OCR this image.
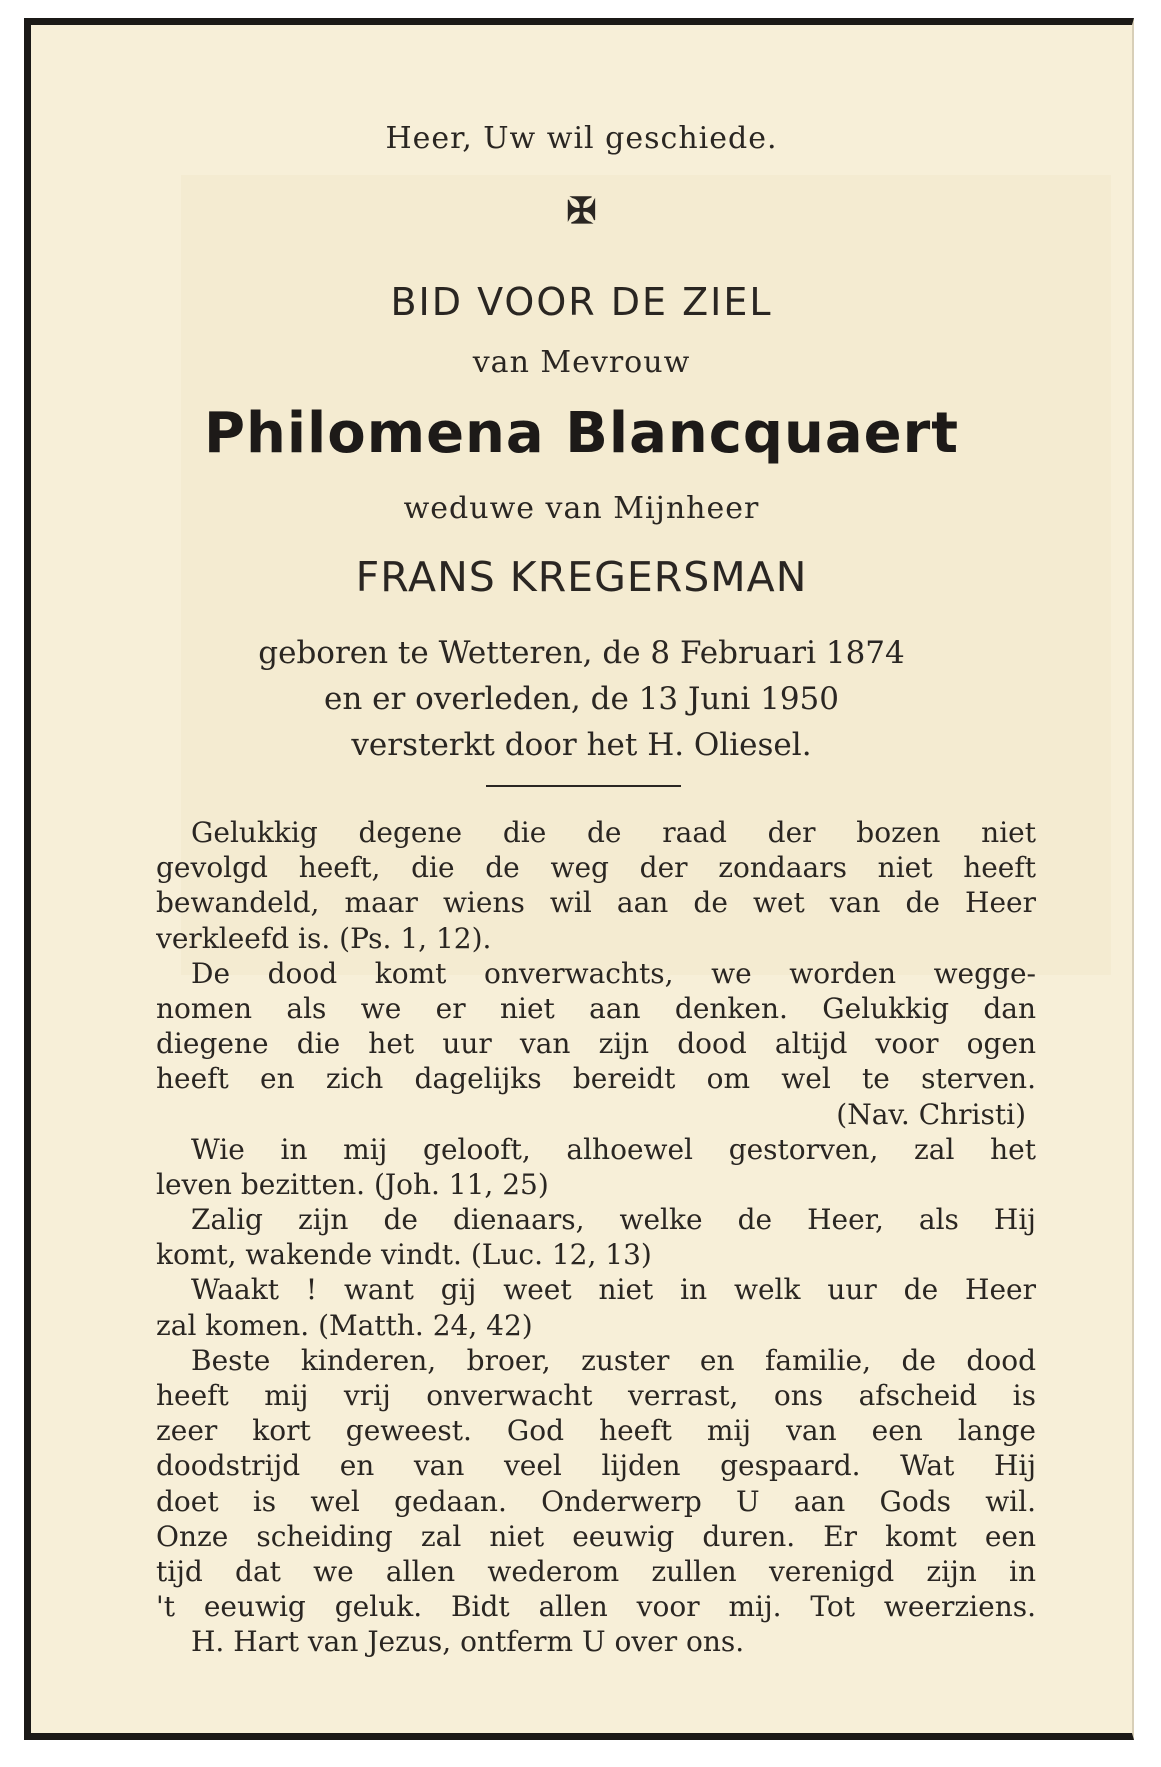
Heer, Uw wil geschiede.
✠
BID VOOR DE ZIEL
van Mevrouw
Philomena Blancquaert
weduwe van Mijnheer
FRANS KREGERSMAN
geboren te Wetteren, de 8 Februari 1874
en er overleden, de 13 Juni 1950
versterkt door het H. Oliesel.
Gelukkig degene die de raad der bozen niet
gevolgd heeft, die de weg der zondaars niet heeft
bewandeld, maar wiens wil aan de wet van de Heer
verkleefd is. (Ps. 1, 12).
De dood komt onverwachts, we worden wegge-
nomen als we er niet aan denken. Gelukkig dan
diegene die het uur van zijn dood altijd voor ogen
heeft en zich dagelijks bereidt om wel te sterven.
(Nav. Christi)
Wie in mij gelooft, alhoewel gestorven, zal het
leven bezitten. (Joh. 11, 25)
Zalig zijn de dienaars, welke de Heer, als Hij
komt, wakende vindt. (Luc. 12, 13)
Waakt ! want gij weet niet in welk uur de Heer
zal komen. (Matth. 24, 42)
Beste kinderen, broer, zuster en familie, de dood
heeft mij vrij onverwacht verrast, ons afscheid is
zeer kort geweest. God heeft mij van een lange
doodstrijd en van veel lijden gespaard. Wat Hij
doet is wel gedaan. Onderwerp U aan Gods wil.
Onze scheiding zal niet eeuwig duren. Er komt een
tijd dat we allen wederom zullen verenigd zijn in
't eeuwig geluk. Bidt allen voor mij. Tot weerziens.
H. Hart van Jezus, ontferm U over ons.
